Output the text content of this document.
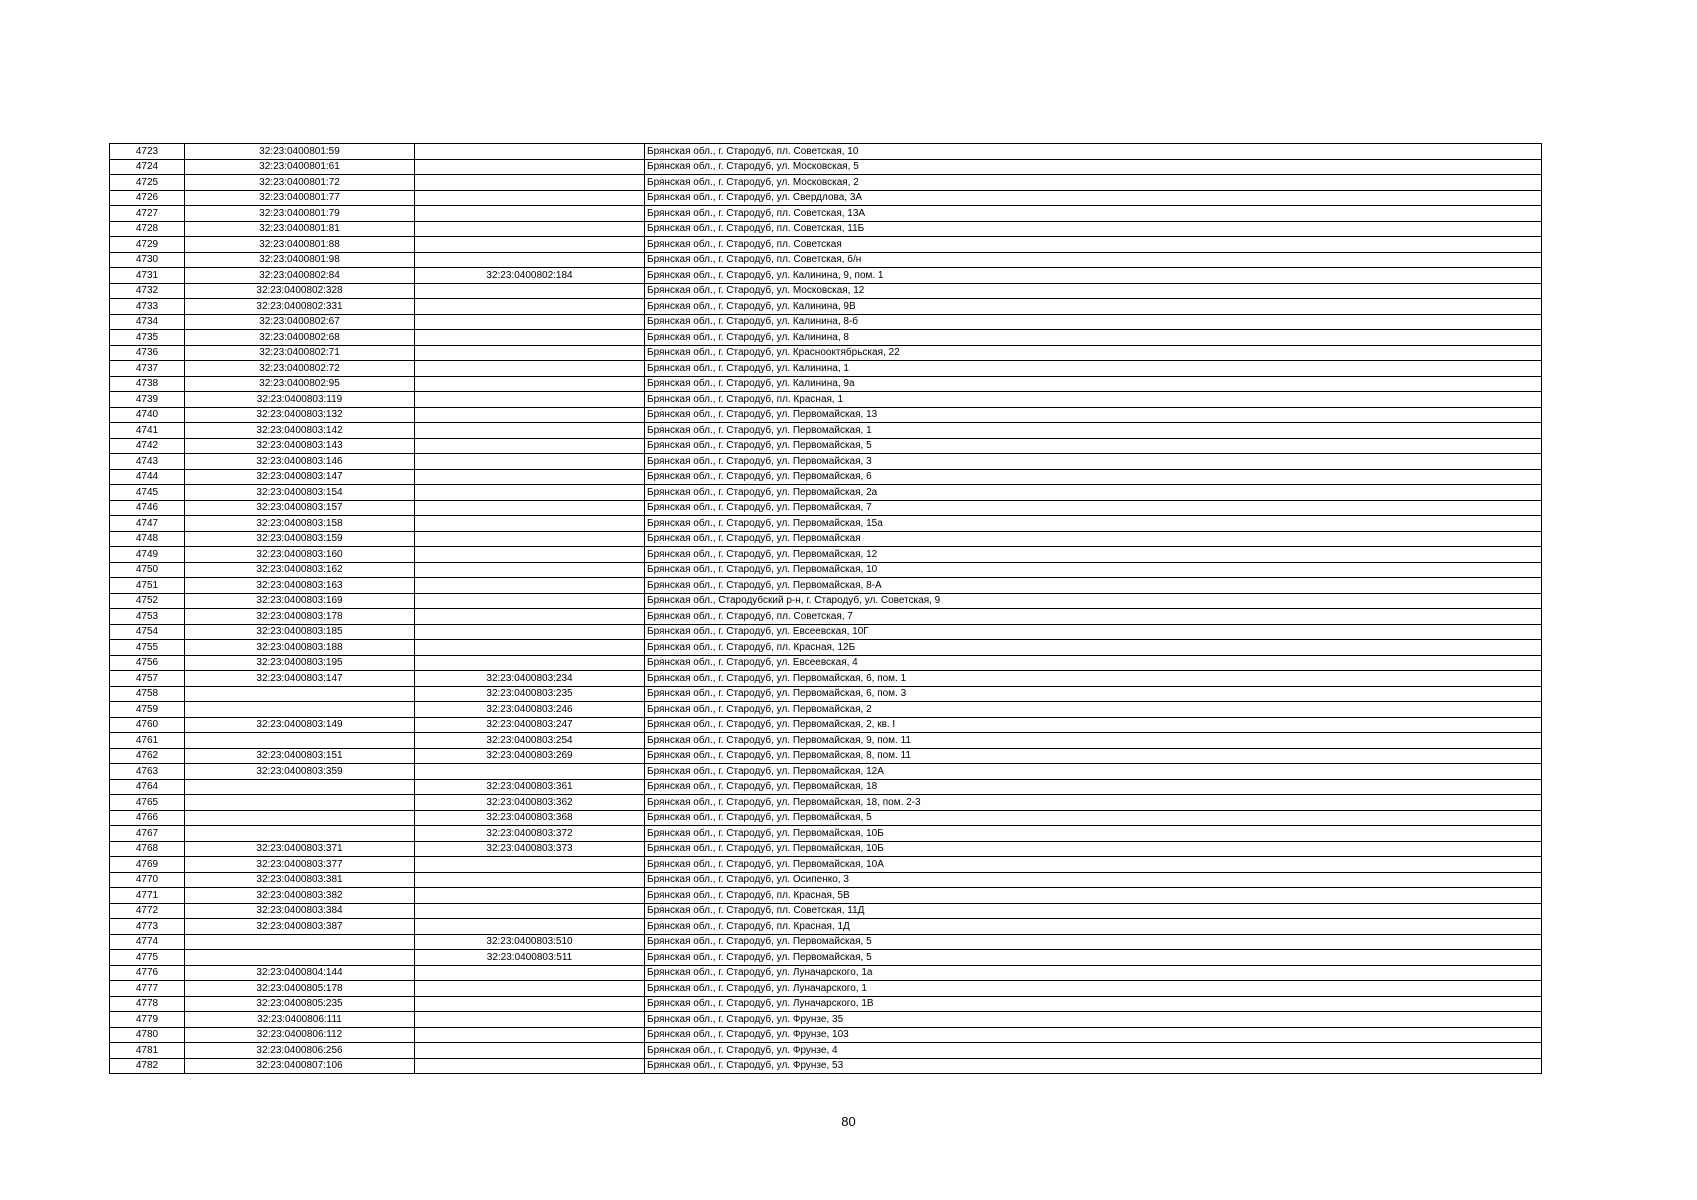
4723	32:23:0400801:59		Брянская обл., г. Стародуб, пл. Советская, 10
4724	32:23:0400801:61		Брянская обл., г. Стародуб, ул. Московская, 5
4725	32:23:0400801:72		Брянская обл., г. Стародуб, ул. Московская, 2
4726	32:23:0400801:77		Брянская обл., г. Стародуб, ул. Свердлова, 3А
4727	32:23:0400801:79		Брянская обл., г. Стародуб, пл. Советская, 13А
4728	32:23:0400801:81		Брянская обл., г. Стародуб, пл. Советская, 11Б
4729	32:23:0400801:88		Брянская обл., г. Стародуб, пл. Советская
4730	32:23:0400801:98		Брянская обл., г. Стародуб, пл. Советская, б/н
4731	32:23:0400802:84	32:23:0400802:184	Брянская обл., г. Стародуб, ул. Калинина, 9, пом. 1
4732	32:23:0400802:328		Брянская обл., г. Стародуб, ул. Московская, 12
4733	32:23:0400802:331		Брянская обл., г. Стародуб, ул. Калинина, 9В
4734	32:23:0400802:67		Брянская обл., г. Стародуб, ул. Калинина, 8-б
4735	32:23:0400802:68		Брянская обл., г. Стародуб, ул. Калинина, 8
4736	32:23:0400802:71		Брянская обл., г. Стародуб, ул. Краснооктябрьская, 22
4737	32:23:0400802:72		Брянская обл., г. Стародуб, ул. Калинина, 1
4738	32:23:0400802:95		Брянская обл., г. Стародуб, ул. Калинина, 9а
4739	32:23:0400803:119		Брянская обл., г. Стародуб, пл. Красная, 1
4740	32:23:0400803:132		Брянская обл., г. Стародуб, ул. Первомайская, 13
4741	32:23:0400803:142		Брянская обл., г. Стародуб, ул. Первомайская, 1
4742	32:23:0400803:143		Брянская обл., г. Стародуб, ул. Первомайская, 5
4743	32:23:0400803:146		Брянская обл., г. Стародуб, ул. Первомайская, 3
4744	32:23:0400803:147		Брянская обл., г. Стародуб, ул. Первомайская, 6
4745	32:23:0400803:154		Брянская обл., г. Стародуб, ул. Первомайская, 2а
4746	32:23:0400803:157		Брянская обл., г. Стародуб, ул. Первомайская, 7
4747	32:23:0400803:158		Брянская обл., г. Стародуб, ул. Первомайская, 15а
4748	32:23:0400803:159		Брянская обл., г. Стародуб, ул. Первомайская
4749	32:23:0400803:160		Брянская обл., г. Стародуб, ул. Первомайская, 12
4750	32:23:0400803:162		Брянская обл., г. Стародуб, ул. Первомайская, 10
4751	32:23:0400803:163		Брянская обл., г. Стародуб, ул. Первомайская, 8-А
4752	32:23:0400803:169		Брянская обл., Стародубский р-н, г. Стародуб, ул. Советская, 9
4753	32:23:0400803:178		Брянская обл., г. Стародуб, пл. Советская, 7
4754	32:23:0400803:185		Брянская обл., г. Стародуб, ул. Евсеевская, 10Г
4755	32:23:0400803:188		Брянская обл., г. Стародуб, пл. Красная, 12Б
4756	32:23:0400803:195		Брянская обл., г. Стародуб, ул. Евсеевская, 4
4757	32:23:0400803:147	32:23:0400803:234	Брянская обл., г. Стародуб, ул. Первомайская, 6, пом. 1
4758		32:23:0400803:235	Брянская обл., г. Стародуб, ул. Первомайская, 6, пом. 3
4759		32:23:0400803:246	Брянская обл., г. Стародуб, ул. Первомайская, 2
4760	32:23:0400803:149	32:23:0400803:247	Брянская обл., г. Стародуб, ул. Первомайская, 2, кв. I
4761		32:23:0400803:254	Брянская обл., г. Стародуб, ул. Первомайская, 9, пом. 11
4762	32:23:0400803:151	32:23:0400803:269	Брянская обл., г. Стародуб, ул. Первомайская, 8, пом. 11
4763	32:23:0400803:359		Брянская обл., г. Стародуб, ул. Первомайская, 12А
4764		32:23:0400803:361	Брянская обл., г. Стародуб, ул. Первомайская, 18
4765		32:23:0400803:362	Брянская обл., г. Стародуб, ул. Первомайская, 18, пом. 2-3
4766		32:23:0400803:368	Брянская обл., г. Стародуб, ул. Первомайская, 5
4767		32:23:0400803:372	Брянская обл., г. Стародуб, ул. Первомайская, 10Б
4768	32:23:0400803:371	32:23:0400803:373	Брянская обл., г. Стародуб, ул. Первомайская, 10Б
4769	32:23:0400803:377		Брянская обл., г. Стародуб, ул. Первомайская, 10А
4770	32:23:0400803:381		Брянская обл., г. Стародуб, ул. Осипенко, 3
4771	32:23:0400803:382		Брянская обл., г. Стародуб, пл. Красная, 5В
4772	32:23:0400803:384		Брянская обл., г. Стародуб, пл. Советская, 11Д
4773	32:23:0400803:387		Брянская обл., г. Стародуб, пл. Красная, 1Д
4774		32:23:0400803:510	Брянская обл., г. Стародуб, ул. Первомайская, 5
4775		32:23:0400803:511	Брянская обл., г. Стародуб, ул. Первомайская, 5
4776	32:23:0400804:144		Брянская обл., г. Стародуб, ул. Луначарского, 1а
4777	32:23:0400805:178		Брянская обл., г. Стародуб, ул. Луначарского, 1
4778	32:23:0400805:235		Брянская обл., г. Стародуб, ул. Луначарского, 1В
4779	32:23:0400806:111		Брянская обл., г. Стародуб, ул. Фрунзе, 35
4780	32:23:0400806:112		Брянская обл., г. Стародуб, ул. Фрунзе, 103
4781	32:23:0400806:256		Брянская обл., г. Стародуб, ул. Фрунзе, 4
4782	32:23:0400807:106		Брянская обл., г. Стародуб, ул. Фрунзе, 53
80
